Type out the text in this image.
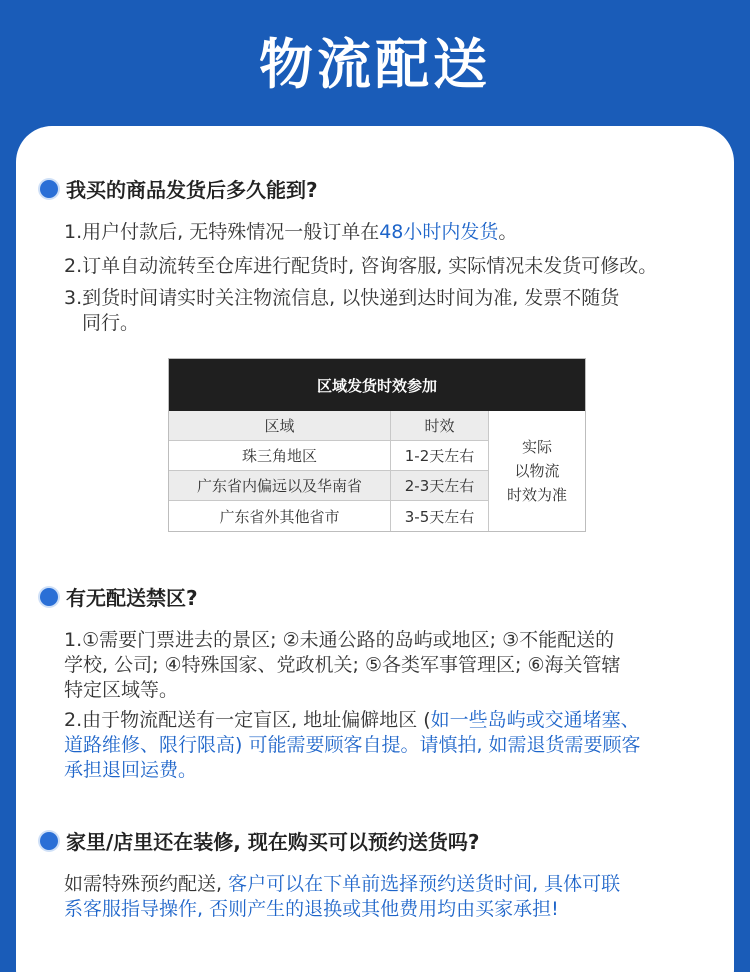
物流配送
我买的商品发货后多久能到?
1.用户付款后, 无特殊情况一般订单在48小时内发货。
2.订单自动流转至仓库进行配货时, 咨询客服, 实际情况未发货可修改。
3.到货时间请实时关注物流信息, 以快递到达时间为准, 发票不随货
同行。
区域发货时效参加
区域	时效
珠三角地区	1-2天左右
广东省内偏远以及华南省	2-3天左右
广东省外其他省市	3-5天左右
实际
以物流
时效为准
有无配送禁区?
1.①需要门票进去的景区; ②未通公路的岛屿或地区; ③不能配送的
学校, 公司; ④特殊国家、党政机关; ⑤各类军事管理区; ⑥海关管辖
特定区域等。
2.由于物流配送有一定盲区, 地址偏僻地区 (如一些岛屿或交通堵塞、
道路维修、限行限高) 可能需要顾客自提。请慎拍, 如需退货需要顾客
承担退回运费。
家里/店里还在装修, 现在购买可以预约送货吗?
如需特殊预约配送, 客户可以在下单前选择预约送货时间, 具体可联
系客服指导操作, 否则产生的退换或其他费用均由买家承担!
